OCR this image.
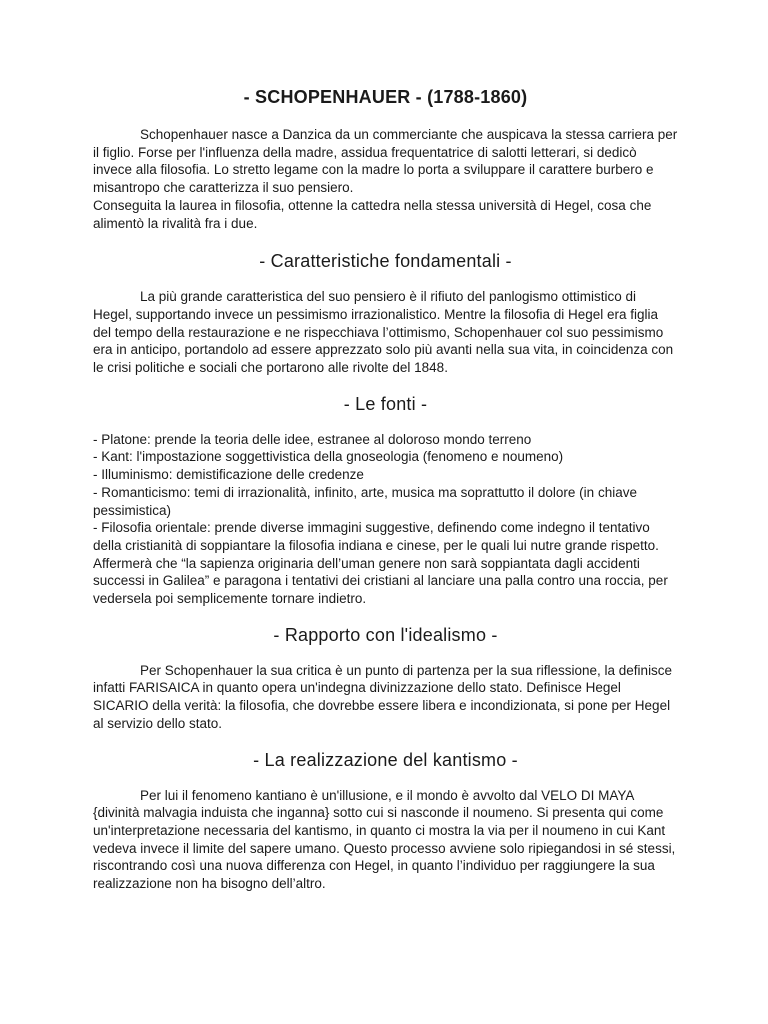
- SCHOPENHAUER - (1788-1860)

Schopenhauer nasce a Danzica da un commerciante che auspicava la stessa carriera per il figlio. Forse per l'influenza della madre, assidua frequentatrice di salotti letterari, si dedicò invece alla filosofia. Lo stretto legame con la madre lo porta a sviluppare il carattere burbero e misantropo che caratterizza il suo pensiero.

Conseguita la laurea in filosofia, ottenne la cattedra nella stessa università di Hegel, cosa che alimentò la rivalità fra i due.

- Caratteristiche fondamentali -

La più grande caratteristica del suo pensiero è il rifiuto del panlogismo ottimistico di Hegel, supportando invece un pessimismo irrazionalistico. Mentre la filosofia di Hegel era figlia del tempo della restaurazione e ne rispecchiava l’ottimismo, Schopenhauer col suo pessimismo era in anticipo, portandolo ad essere apprezzato solo più avanti nella sua vita, in coincidenza con le crisi politiche e sociali che portarono alle rivolte del 1848.

- Le fonti -
- Platone: prende la teoria delle idee, estranee al doloroso mondo terreno
- Kant: l'impostazione soggettivistica della gnoseologia (fenomeno e noumeno)
- Illuminismo: demistificazione delle credenze
- Romanticismo: temi di irrazionalità, infinito, arte, musica ma soprattutto il dolore (in chiave pessimistica)
- Filosofia orientale: prende diverse immagini suggestive, definendo come indegno il tentativo della cristianità di soppiantare la filosofia indiana e cinese, per le quali lui nutre grande rispetto. Affermerà che “la sapienza originaria dell’uman genere non sarà soppiantata dagli accidenti successi in Galilea” e paragona i tentativi dei cristiani al lanciare una palla contro una roccia, per vedersela poi semplicemente tornare indietro.
- Rapporto con l'idealismo -

Per Schopenhauer la sua critica è un punto di partenza per la sua riflessione, la definisce infatti FARISAICA in quanto opera un'indegna divinizzazione dello stato. Definisce Hegel SICARIO della verità: la filosofia, che dovrebbe essere libera e incondizionata, si pone per Hegel al servizio dello stato.

- La realizzazione del kantismo -

Per lui il fenomeno kantiano è un'illusione, e il mondo è avvolto dal VELO DI MAYA {divinità malvagia induista che inganna} sotto cui si nasconde il noumeno. Si presenta qui come un'interpretazione necessaria del kantismo, in quanto ci mostra la via per il noumeno in cui Kant vedeva invece il limite del sapere umano. Questo processo avviene solo ripiegandosi in sé stessi, riscontrando così una nuova differenza con Hegel, in quanto l’individuo per raggiungere la sua realizzazione non ha bisogno dell’altro.
